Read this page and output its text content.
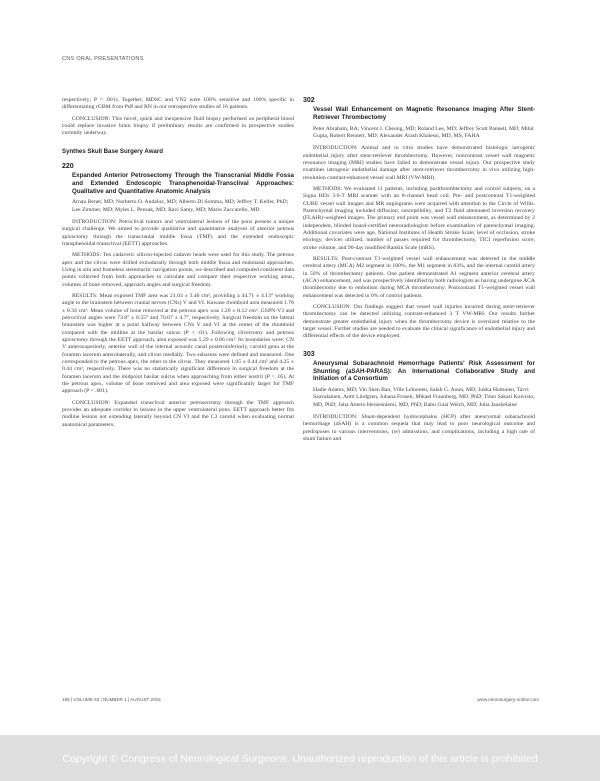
CNS ORAL PRESENTATIONS

respectively; P < .001). Together, MDSC and VN2 were 100% sensitive and 100% specific in differentiating rGBM from PsP and RN in our retrospective studies of 16 patients.

CONCLUSION: This novel, quick and inexpensive fluid biopsy performed on peripheral blood could replace invasive brain biopsy if preliminary results are confirmed in prospective studies currently underway.

Synthes Skull Base Surgery Award
220
Expanded Anterior Petrosectomy Through the Transcranial Middle Fossa and Extended Endoscopic Transphenoidal-Transclival Approaches: Qualitative and Quantitative Anatomic Analysis
Arnau Benet, MD; Norberto O. Andaluz, MD; Alberto Di Somma, MD; Jeffrey T. Keller, PhD; Lee Zimmer, MD; Myles L. Pensak, MD; Ravi Samy, MD; Mario Zuccarello, MD

INTRODUCTION: Petroclival tumors and ventrolateral lesions of the pons present a unique surgical challenge. We aimed to provide qualitative and quantitative analyses of anterior petrous apicectomy through the transcranial middle fossa (TMF) and the extended endoscopic transphenoidal-transclival (EETT) approaches.

METHODS: Ten cadaveric silicon-injected cadaver heads were used for this study. The petrous apex and the clivus were drilled extradurally through both middle fossa and endonasal approaches. Using in situ and frameless stereotactic navigation points, we described and computed consistent data points collected from both approaches to calculate and compare their respective working areas, volumes of bone removed, approach angles and surgical freedom.

RESULTS: Mean exposed TMF area was 21.03 ± 3.46 cm², providing a 44.71 ± 4.13° working angle to the brainstem between cranial nerves (CNs) V and VI. Kawase rhomboid area measured 1.76 ± 0.34 cm². Mean volume of bone removed at the petrous apex was 1.20 ± 0.12 cm³. GSPN-V3 and petroclival angles were 73.8° ± 8.55° and 70.07 ± 4.7°, respectively. Surgical freedom on the lateral brainstem was higher at a point halfway between CNs V and VI at the center of the rhomboid compared with the midline at the basilar sulcus (P < .01). Following clivectomy and petrous apicectomy through the EETT approach, area exposed was 5.29 ± 0.66 cm². Its boundaries were: CN V anterosuperiorly, anterior wall of the internal acoustic canal posteroinferiorly, carotid genu at the foramen lacerum anterolaterally, and clivus medially. Two subareas were defined and measured. One corresponded to the petrous apex, the other to the clivus. They measured 1.05 ± 0.44 cm² and 4.25 ± 0.44 cm², respectively. There was no statistically significant difference in surgical freedom at the foramen lacerum and the midpoint basilar sulcus when approaching from either nostril (P > .05). At the petrous apex, volume of bone removed and area exposed were significantly larger for TMF approach (P < .001).

CONCLUSION: Expanded transclival anterior petrosectomy through the TMF approach provides an adequate corridor to lesions in the upper ventrolateral pons. EETT approach better fits midline lesions not extending laterally beyond CN VI and the C3 carotid when evaluating normal anatomical parameters.

302
Vessel Wall Enhancement on Magnetic Resonance Imaging After Stent-Retriever Thrombectomy
Peter Abraham, BA; Vincent J. Cheung, MD; Roland Lee, MD; Jeffrey Scott Pannell, MD; Mihir Gupta, Robert Rennert, MD; Alexander Arash Khalessi, MD, MS, FAHA

INTRODUCTION: Animal and in vitro studies have demonstrated histologic iatrogenic endothelial injury after stent-retriever thrombectomy. However, noncontrast vessel wall magnetic resonance imaging (MRI) studies have failed to demonstrate vessel injury. Our prospective study examines iatrogenic endothelial damage after stent-retriever thrombectomy in vivo utilizing high-resolution contrast-enhanced vessel wall MRI (VW-MRI).

METHODS: We evaluated 11 patients, including postthrombectomy and control subjects, on a Signa HDx 3.0-T MRI scanner with an 8-channel head coil. Pre- and postcontrast T1-weighted CUBE vessel wall images and MR angiograms were acquired with attention to the Circle of Willis. Parenchymal imaging included diffusion, susceptibility, and T2 fluid attenuated inversion recovery (FLAIR)-weighted images. The primary end point was vessel wall enhancement, as determined by 2 independent, blinded board-certified neuroradiologists before examination of parenchymal imaging. Additional covariates were age, National Institutes of Health Stroke Scale, level of occlusion, stroke etiology, devices utilized, number of passes required for thrombectomy, TICI reperfusion score, stroke volume, and 90-day modified Rankin Scale (mRS).

RESULTS: Post-contrast T1-weighted vessel wall enhancement was detected in the middle cerebral artery (MCA) M2 segment in 100%, the M1 segment in 83%, and the internal carotid artery in 50% of thrombectomy patients. One patient demonstrated A1 segment anterior cerebral artery (ACA) enhancement, and was prospectively identified by both radiologists as having undergone ACA thrombectomy due to embolism during MCA thrombectomy. Postcontrast T1-weighted vessel wall enhancement was detected in 0% of control patients.

CONCLUSION: Our findings suggest that vessel wall injuries incurred during stent-retriever thrombectomy can be detected utilizing contrast-enhanced 3 T VW-MRI. Our results further demonstrate greater endothelial injury when the thrombectomy device is oversized relative to the target vessel. Further studies are needed to evaluate the clinical significance of endothelial injury and differential effects of the device employed.

303
Aneurysmal Subarachnoid Hemorrhage Patients' Risk Assessment for Shunting (aSAH-PARAS): An International Collaborative Study and Initiation of a Consortium
Hadie Adams, MD; Vin Shen Ban, Ville Leinonen, Salah G. Aoun, MD; Jukka Huttunen, Tarvi Saavalainen, Antti Lindgren, Juhana Frosen, Mikael Fraunberg, MD, PhD; Timo Sakari Koivisto, MD, PhD; Juha Antero Hernesniemi, MD, PhD; Babu Guai Welch, MD; Juha Jaaskelaine

INTRODUCTION: Shunt-dependent hydrocephalus (HCP) after aneurysmal subarachnoid hemorrhage (aSAH) is a common sequela that may lead to poor neurological outcome and predisposes to various interventions, (re) admissions, and complications, including a high rate of shunt failure and

186 | VOLUME 63 | NUMBER 1 | AUGUST 2016	www.neurosurgery-online.com
Copyright © Congress of Neurological Surgeons. Unauthorized reproduction of this article is prohibited
